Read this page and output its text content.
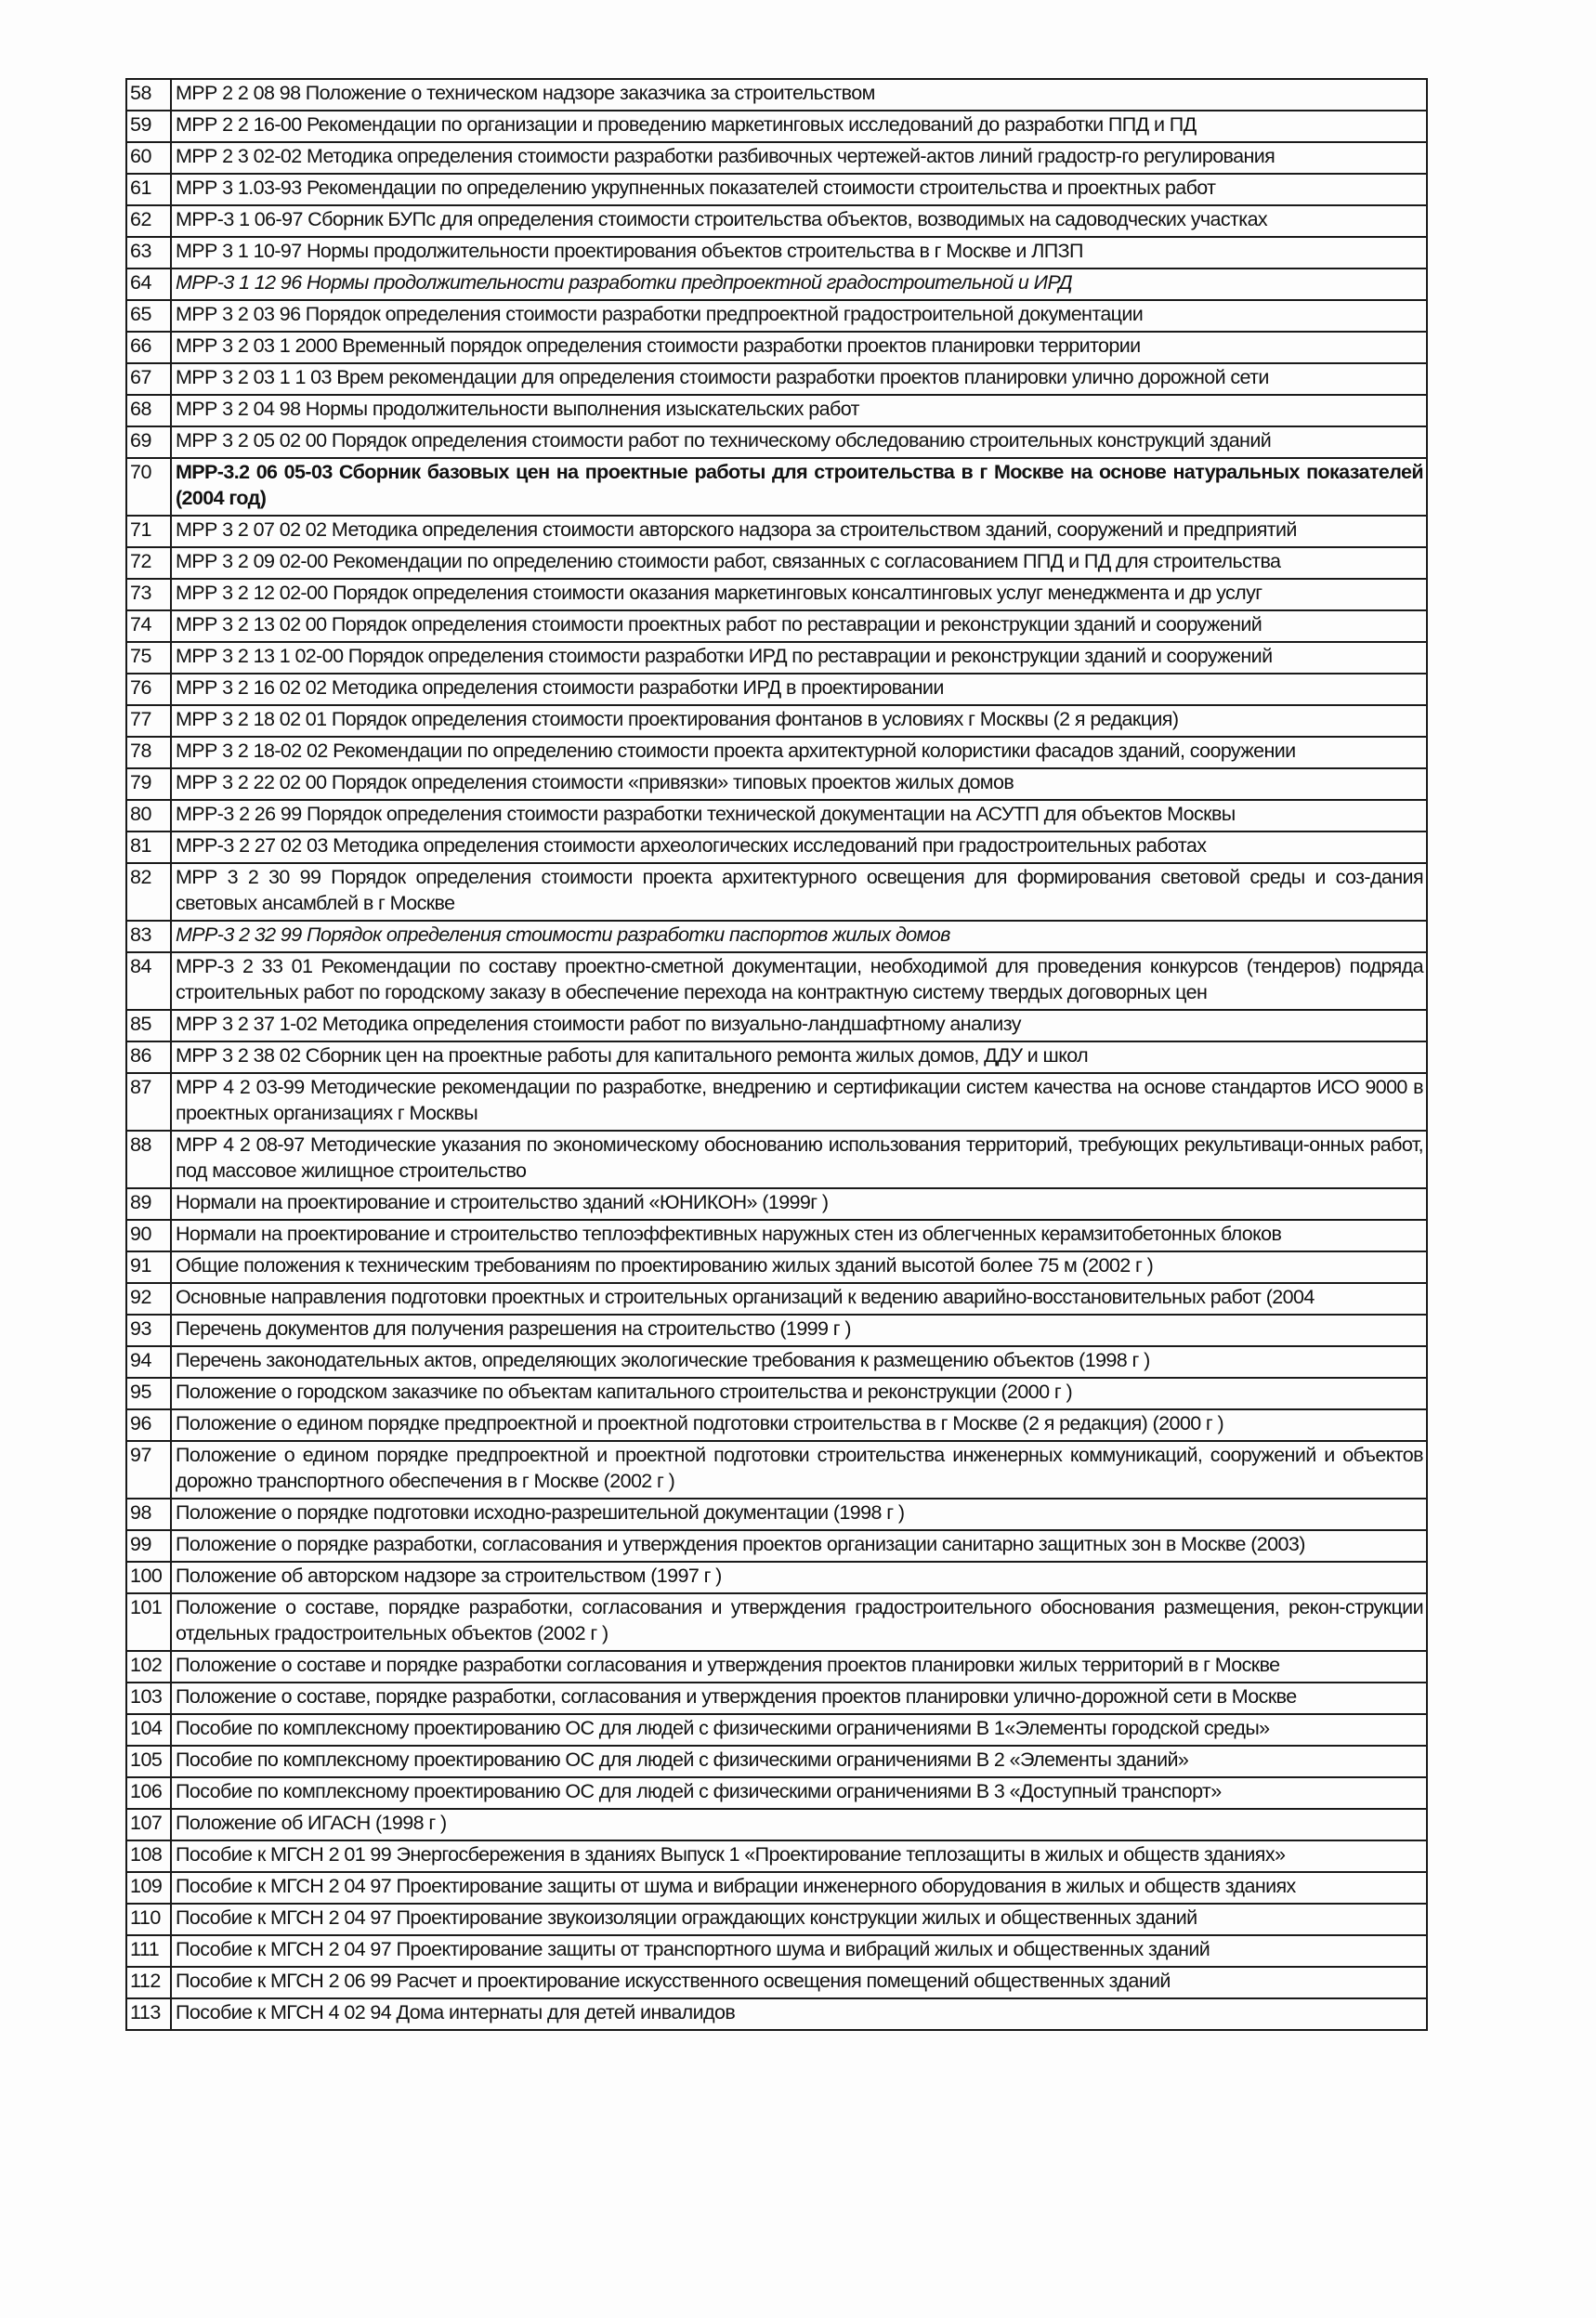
58	МРР 2 2 08 98 Положение о техническом надзоре заказчика за строительством
59	МРР 2 2 16-00 Рекомендации по организации и проведению маркетинговых исследований до разработки ППД и ПД
60	МРР 2 3 02-02 Методика определения стоимости разработки разбивочных чертежей-актов линий градостр-го регулирования
61	МРР 3 1.03-93 Рекомендации по определению укрупненных показателей стоимости строительства и проектных работ
62	МРР-3 1 06-97 Сборник БУПс для определения стоимости строительства объектов, возводимых на садоводческих участках
63	МРР 3 1 10-97 Нормы продолжительности проектирования объектов строительства в г Москве и ЛПЗП
64	МРР-3 1 12 96 Нормы продолжительности разработки предпроектной градостроительной и ИРД
65	МРР 3 2 03 96 Порядок определения стоимости разработки предпроектной градостроительной документации
66	МРР 3 2 03 1 2000 Временный порядок определения стоимости разработки проектов планировки территории
67	МРР 3 2 03 1 1 03 Врем рекомендации для определения стоимости разработки проектов планировки улично дорожной сети
68	МРР 3 2 04 98 Нормы продолжительности выполнения изыскательских работ
69	МРР 3 2 05 02 00 Порядок определения стоимости работ по техническому обследованию строительных конструкций зданий
70	МРР-3.2 06 05-03 Сборник базовых цен на проектные работы для строительства в г Москве на основе натуральных показателей (2004 год)
71	МРР 3 2 07 02 02 Методика определения стоимости авторского надзора за строительством зданий, сооружений и предприятий
72	МРР 3 2 09 02-00 Рекомендации по определению стоимости работ, связанных с согласованием ППД и ПД для строительства
73	МРР 3 2 12 02-00 Порядок определения стоимости оказания маркетинговых консалтинговых услуг менеджмента и др услуг
74	МРР 3 2 13 02 00 Порядок определения стоимости проектных работ по реставрации и реконструкции зданий и сооружений
75	МРР 3 2 13 1 02-00 Порядок определения стоимости разработки ИРД по реставрации и реконструкции зданий и сооружений
76	МРР 3 2 16 02 02 Методика определения стоимости разработки ИРД в проектировании
77	МРР 3 2 18 02 01 Порядок определения стоимости проектирования фонтанов в условиях г Москвы (2 я редакция)
78	МРР 3 2 18-02 02 Рекомендации по определению стоимости проекта архитектурной колористики фасадов зданий, сооружении
79	МРР 3 2 22 02 00 Порядок определения стоимости «привязки» типовых проектов жилых домов
80	МРР-3 2 26 99 Порядок определения стоимости разработки технической документации на АСУТП для объектов Москвы
81	МРР-3 2 27 02 03 Методика определения стоимости археологических исследований при градостроительных работах
82	МРР 3 2 30 99 Порядок определения стоимости проекта архитектурного освещения для формирования световой среды и соз-дания световых ансамблей в г Москве
83	МРР-3 2 32 99 Порядок определения стоимости разработки паспортов жилых домов
84	МРР-3 2 33 01 Рекомендации по составу проектно-сметной документации, необходимой для проведения конкурсов (тендеров) подряда строительных работ по городскому заказу в обеспечение перехода на контрактную систему твердых договорных цен
85	МРР 3 2 37 1-02 Методика определения стоимости работ по визуально-ландшафтному анализу
86	МРР 3 2 38 02 Сборник цен на проектные работы для капитального ремонта жилых домов, ДДУ и школ
87	МРР 4 2 03-99 Методические рекомендации по разработке, внедрению и сертификации систем качества на основе стандартов ИСО 9000 в проектных организациях г Москвы
88	МРР 4 2 08-97 Методические указания по экономическому обоснованию использования территорий, требующих рекультиваци-онных работ, под массовое жилищное строительство
89	Нормали на проектирование и строительство зданий «ЮНИКОН» (1999г )
90	Нормали на проектирование и строительство теплоэффективных наружных стен из облегченных керамзитобетонных блоков
91	Общие положения к техническим требованиям по проектированию жилых зданий высотой более 75 м (2002 г )
92	Основные направления подготовки проектных и строительных организаций к ведению аварийно-восстановительных работ (2004
93	Перечень документов для получения разрешения на строительство (1999 г )
94	Перечень законодательных актов, определяющих экологические требования к размещению объектов (1998 г )
95	Положение о городском заказчике по объектам капитального строительства и реконструкции (2000 г )
96	Положение о едином порядке предпроектной и проектной подготовки строительства в г Москве (2 я редакция) (2000 г )
97	Положение о едином порядке предпроектной и проектной подготовки строительства инженерных коммуникаций, сооружений и объектов дорожно транспортного обеспечения в г Москве (2002 г )
98	Положение о порядке подготовки исходно-разрешительной документации (1998 г )
99	Положение о порядке разработки, согласования и утверждения проектов организации санитарно защитных зон в Москве (2003)
100	Положение об авторском надзоре за строительством (1997 г )
101	Положение о составе, порядке разработки, согласования и утверждения градостроительного обоснования размещения, рекон-струкции отдельных градостроительных объектов (2002 г )
102	Положение о составе и порядке разработки согласования и утверждения проектов планировки жилых территорий в г Москве
103	Положение о составе, порядке разработки, согласования и утверждения проектов планировки улично-дорожной сети в Москве
104	Пособие по комплексному проектированию ОС для людей с физическими ограничениями В 1«Элементы городской среды»
105	Пособие по комплексному проектированию ОС для людей с физическими ограничениями В 2 «Элементы зданий»
106	Пособие по комплексному проектированию ОС для людей с физическими ограничениями В 3 «Доступный транспорт»
107	Положение об ИГАСН (1998 г )
108	Пособие к МГСН 2 01 99 Энергосбережения в зданиях Выпуск 1 «Проектирование теплозащиты в жилых и обществ зданиях»
109	Пособие к МГСН 2 04 97 Проектирование защиты от шума и вибрации инженерного оборудования в жилых и обществ зданиях
110	Пособие к МГСН 2 04 97 Проектирование звукоизоляции ограждающих конструкции жилых и общественных зданий
111	Пособие к МГСН 2 04 97 Проектирование защиты от транспортного шума и вибраций жилых и общественных зданий
112	Пособие к МГСН 2 06 99 Расчет и проектирование искусственного освещения помещений общественных зданий
113	Пособие к МГСН 4 02 94 Дома интернаты для детей инвалидов
